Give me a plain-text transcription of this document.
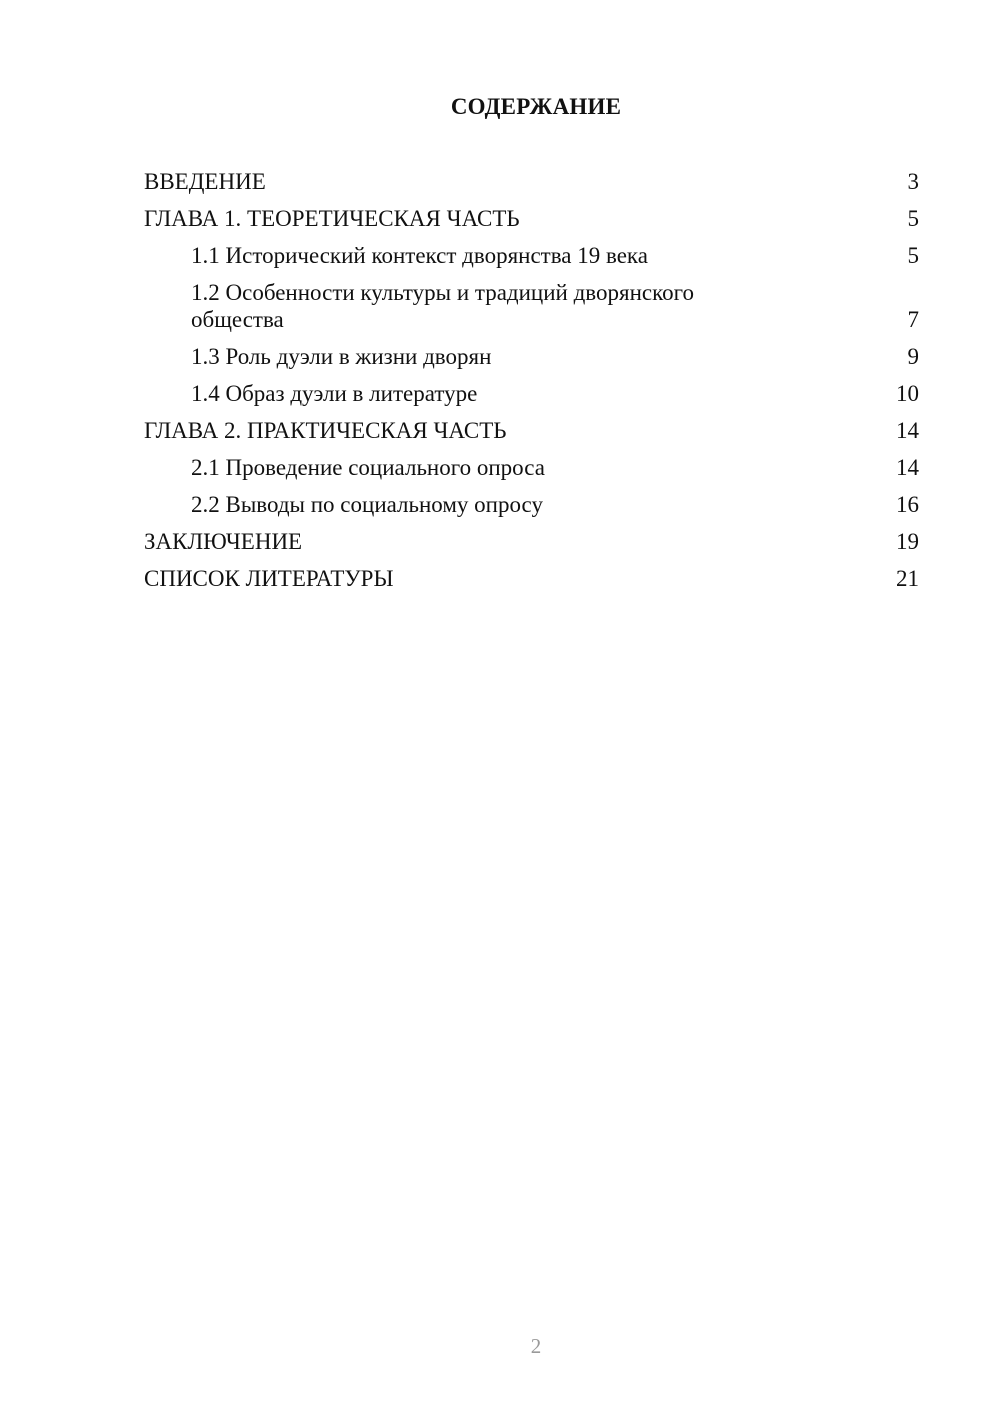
СОДЕРЖАНИЕ
ВВЕДЕНИЕ	3
ГЛАВА 1. ТЕОРЕТИЧЕСКАЯ ЧАСТЬ	5
1.1 Исторический контекст дворянства 19 века	5
1.2 Особенности культуры и традиций дворянского общества	7
1.3 Роль дуэли в жизни дворян	9
1.4 Образ дуэли в литературе	10
ГЛАВА 2. ПРАКТИЧЕСКАЯ ЧАСТЬ	14
2.1 Проведение социального опроса	14
2.2 Выводы по социальному опросу	16
ЗАКЛЮЧЕНИЕ	19
СПИСОК ЛИТЕРАТУРЫ	21
2
